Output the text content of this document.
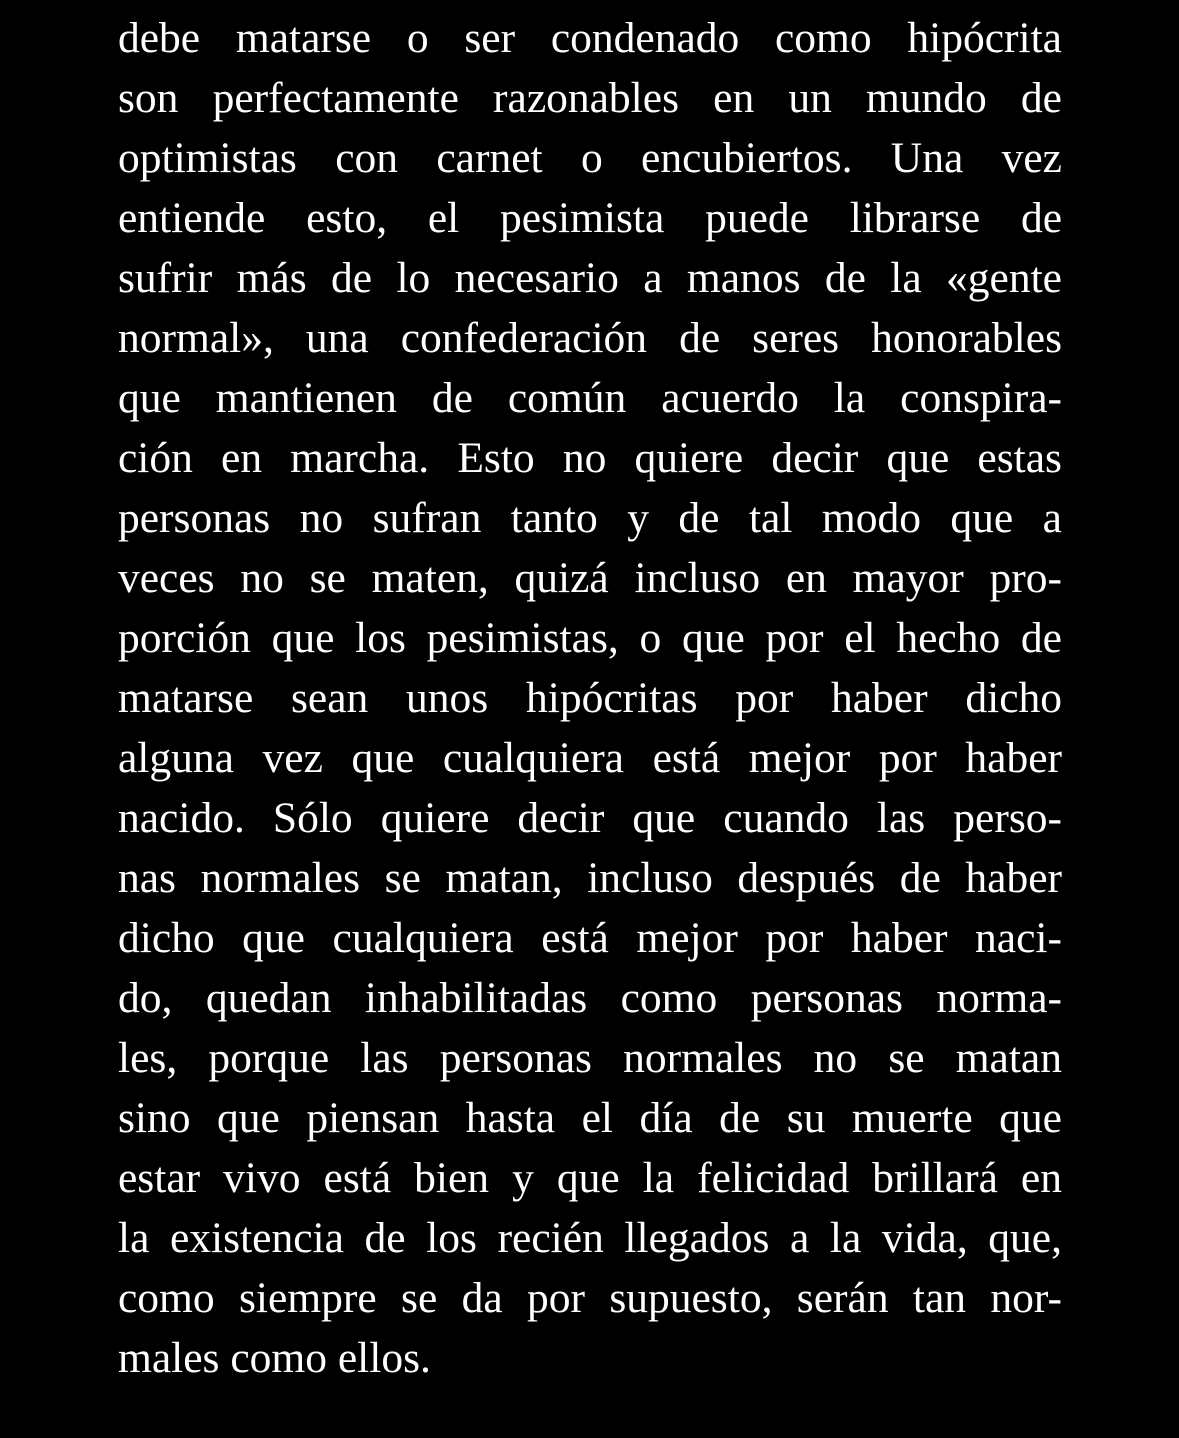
debe matarse o ser condenado como hipócrita
son perfectamente razonables en un mundo de
optimistas con carnet o encubiertos. Una vez
entiende esto, el pesimista puede librarse de
sufrir más de lo necesario a manos de la «gente
normal», una confederación de seres honorables
que mantienen de común acuerdo la conspira-
ción en marcha. Esto no quiere decir que estas
personas no sufran tanto y de tal modo que a
veces no se maten, quizá incluso en mayor pro-
porción que los pesimistas, o que por el hecho de
matarse sean unos hipócritas por haber dicho
alguna vez que cualquiera está mejor por haber
nacido. Sólo quiere decir que cuando las perso-
nas normales se matan, incluso después de haber
dicho que cualquiera está mejor por haber naci-
do, quedan inhabilitadas como personas norma-
les, porque las personas normales no se matan
sino que piensan hasta el día de su muerte que
estar vivo está bien y que la felicidad brillará en
la existencia de los recién llegados a la vida, que,
como siempre se da por supuesto, serán tan nor-
males como ellos.
